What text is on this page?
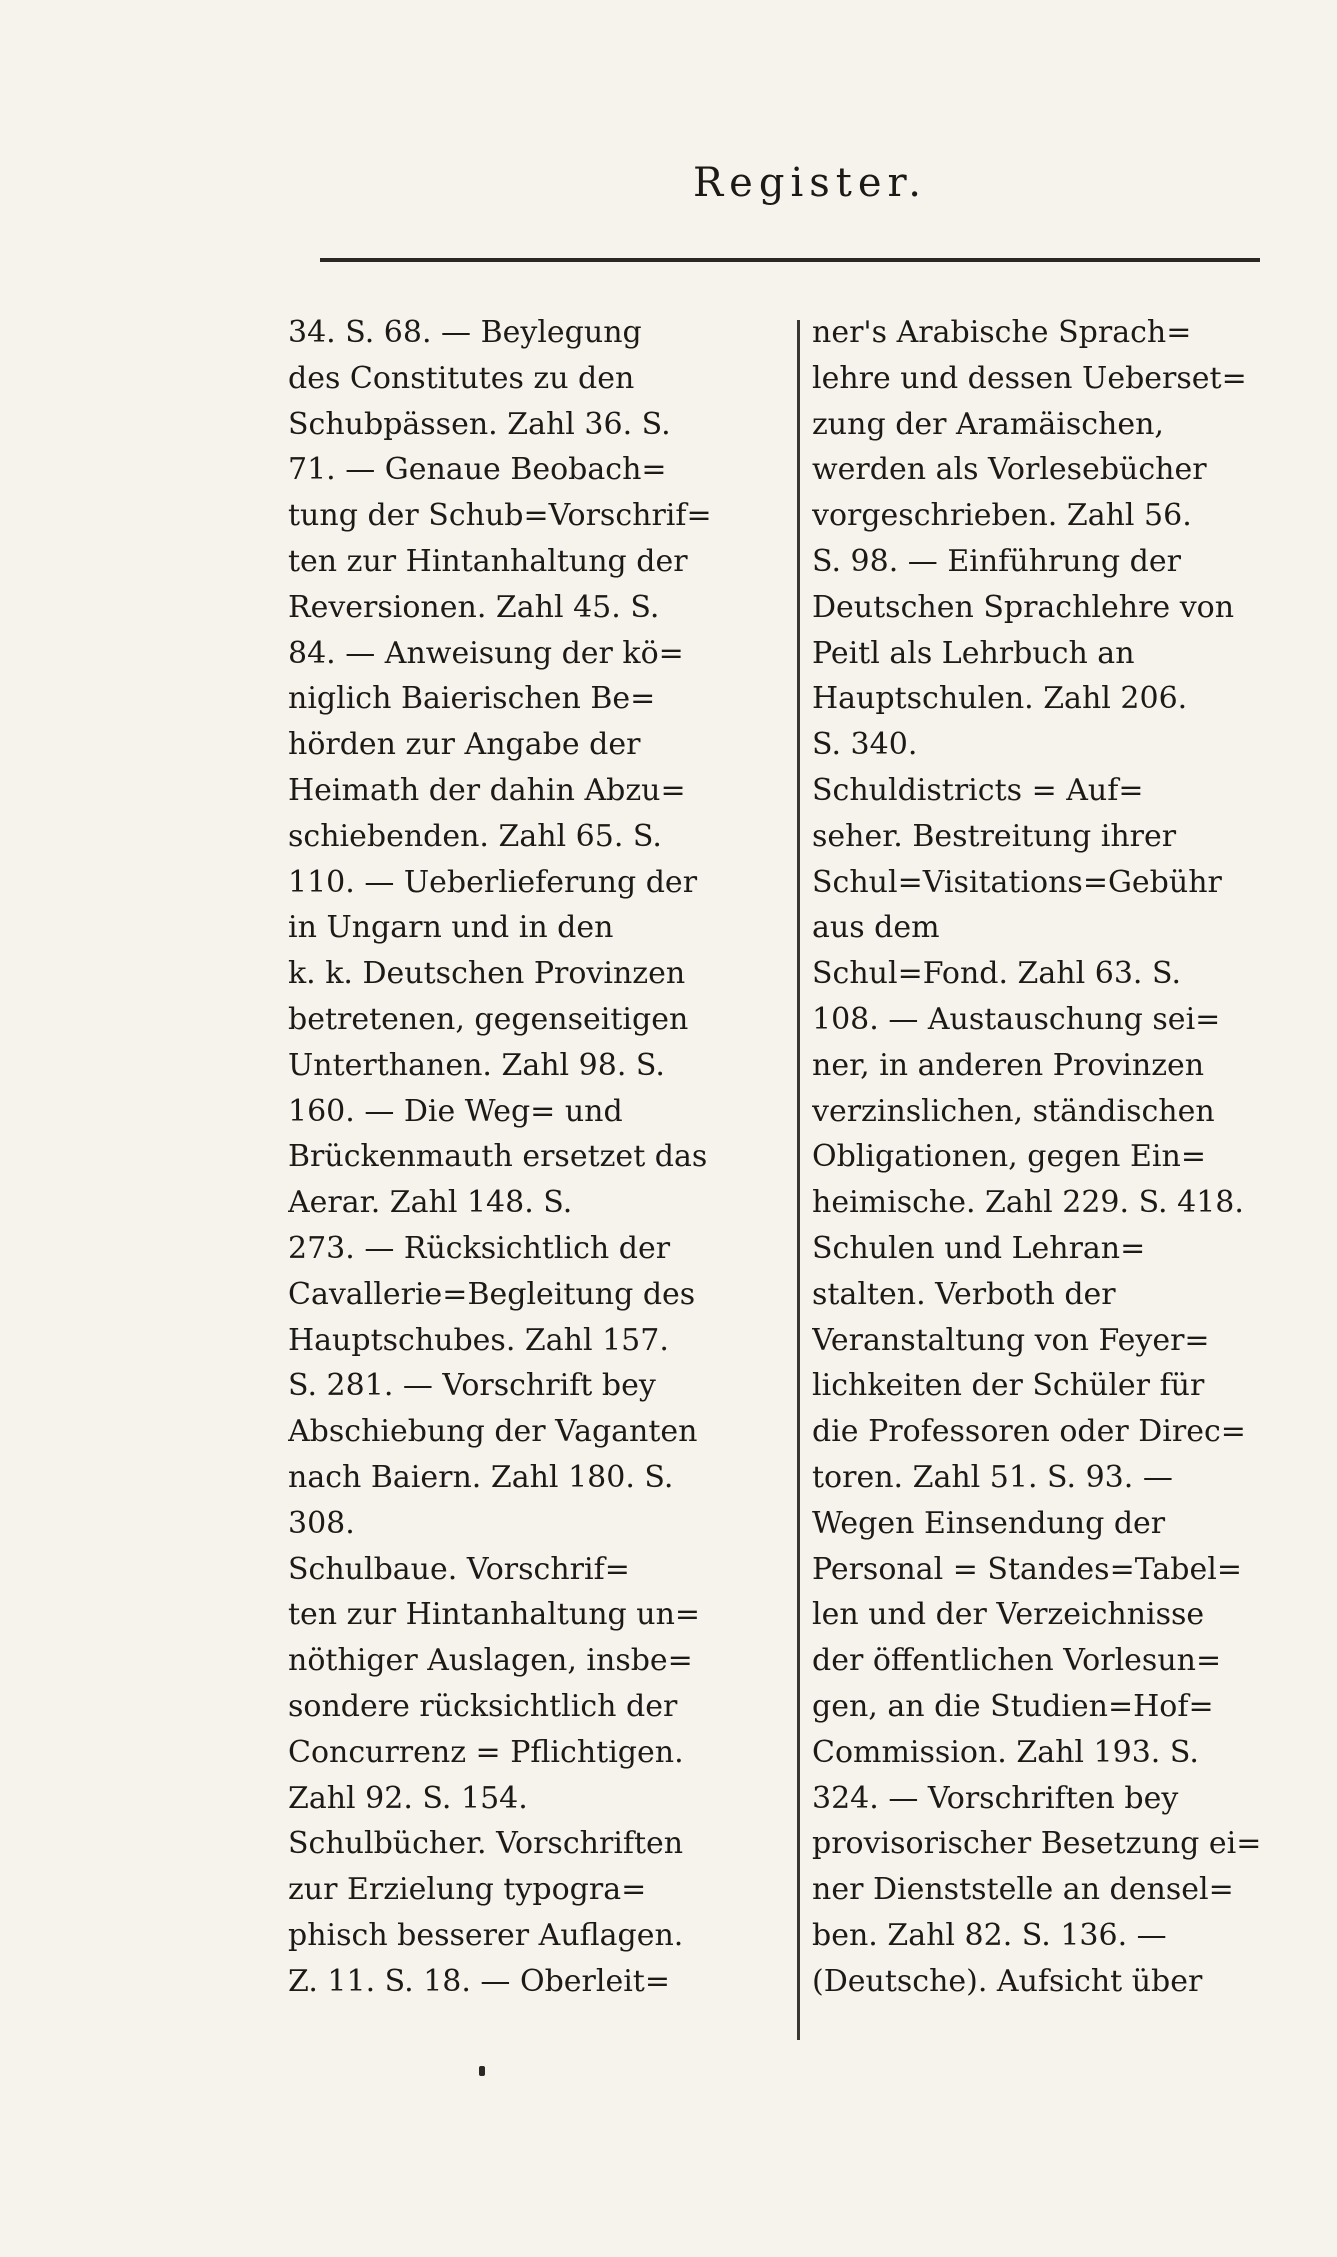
Register.
34. S. 68. — Beylegung
des Constitutes zu den
Schubpässen. Zahl 36. S.
71. — Genaue Beobach=
tung der Schub=Vorschrif=
ten zur Hintanhaltung der
Reversionen. Zahl 45. S.
84. — Anweisung der kö=
niglich Baierischen Be=
hörden zur Angabe der
Heimath der dahin Abzu=
schiebenden. Zahl 65. S.
110. — Ueberlieferung der
in Ungarn und in den
k. k. Deutschen Provinzen
betretenen, gegenseitigen
Unterthanen. Zahl 98. S.
160. — Die Weg= und
Brückenmauth ersetzet das
Aerar. Zahl 148. S.
273. — Rücksichtlich der
Cavallerie=Begleitung des
Hauptschubes. Zahl 157.
S. 281. — Vorschrift bey
Abschiebung der Vaganten
nach Baiern. Zahl 180. S.
308.
Schulbaue. Vorschrif=
ten zur Hintanhaltung un=
nöthiger Auslagen, insbe=
sondere rücksichtlich der
Concurrenz = Pflichtigen.
Zahl 92. S. 154.
Schulbücher. Vorschriften
zur Erzielung typogra=
phisch besserer Auflagen.
Z. 11. S. 18. — Oberleit=
ner's Arabische Sprach=
lehre und dessen Ueberset=
zung der Aramäischen,
werden als Vorlesebücher
vorgeschrieben. Zahl 56.
S. 98. — Einführung der
Deutschen Sprachlehre von
Peitl als Lehrbuch an
Hauptschulen. Zahl 206.
S. 340.
Schuldistricts = Auf=
seher. Bestreitung ihrer
Schul=Visitations=Gebühr
aus dem
Schul=Fond. Zahl 63. S.
108. — Austauschung sei=
ner, in anderen Provinzen
verzinslichen, ständischen
Obligationen, gegen Ein=
heimische. Zahl 229. S. 418.
Schulen und Lehran=
stalten. Verboth der
Veranstaltung von Feyer=
lichkeiten der Schüler für
die Professoren oder Direc=
toren. Zahl 51. S. 93. —
Wegen Einsendung der
Personal = Standes=Tabel=
len und der Verzeichnisse
der öffentlichen Vorlesun=
gen, an die Studien=Hof=
Commission. Zahl 193. S.
324. — Vorschriften bey
provisorischer Besetzung ei=
ner Dienststelle an densel=
ben. Zahl 82. S. 136. —
(Deutsche). Aufsicht über
